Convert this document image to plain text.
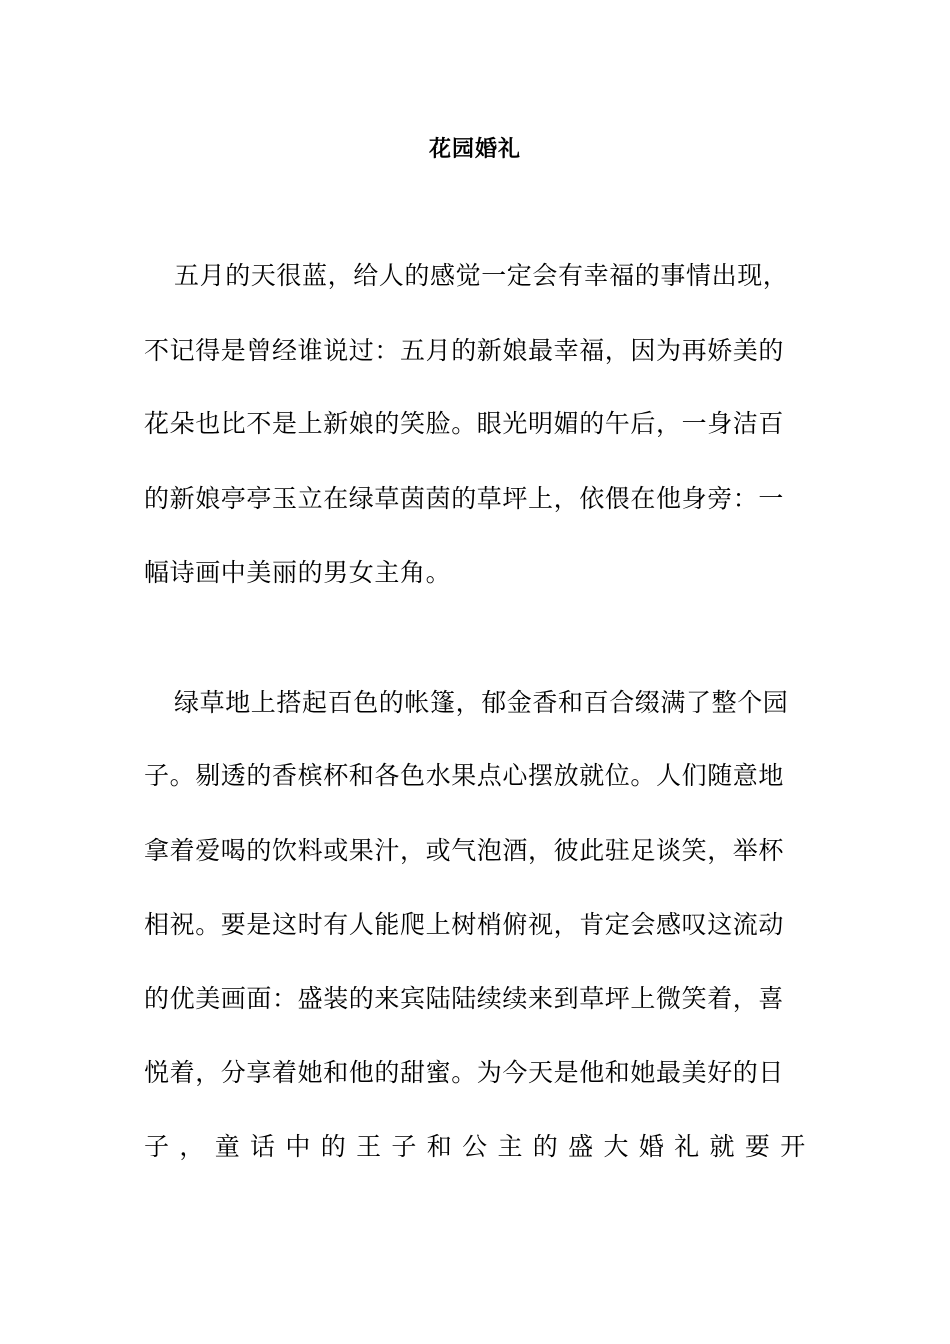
花园婚礼
五月的天很蓝，给人的感觉一定会有幸福的事情出现，
不记得是曾经谁说过：五月的新娘最幸福，因为再娇美的
花朵也比不是上新娘的笑脸。眼光明媚的午后，一身洁百
的新娘亭亭玉立在绿草茵茵的草坪上，依偎在他身旁：一
幅诗画中美丽的男女主角。
绿草地上搭起百色的帐篷，郁金香和百合缀满了整个园
子。剔透的香槟杯和各色水果点心摆放就位。人们随意地
拿着爱喝的饮料或果汁，或气泡酒，彼此驻足谈笑，举杯
相祝。要是这时有人能爬上树梢俯视，肯定会感叹这流动
的优美画面：盛装的来宾陆陆续续来到草坪上微笑着，喜
悦着，分享着她和他的甜蜜。为今天是他和她最美好的日
子 ， 童 话 中 的 王 子 和 公 主 的 盛 大 婚 礼 就 要 开
